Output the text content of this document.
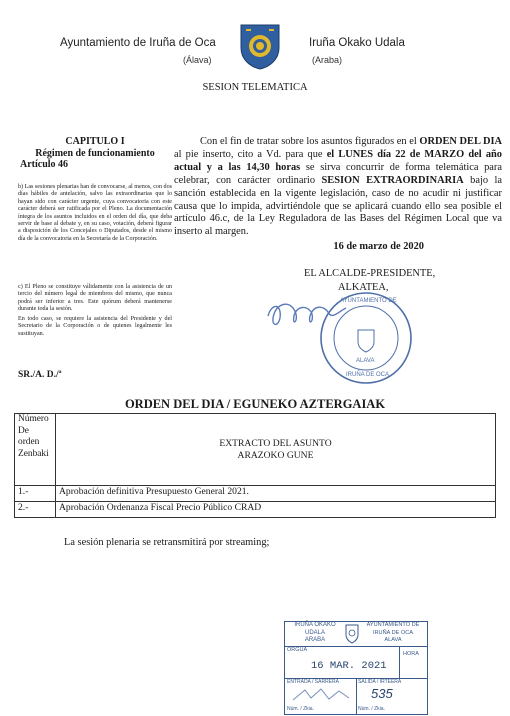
Ayuntamiento de Iruña de Oca
(Álava)
Iruña Okako Udala
(Araba)
SESION TELEMATICA
CAPITULO I
Régimen de funcionamiento
Artículo 46
b) Las sesiones plenarias han de convocarse, al menos, con dos días hábiles de antelación, salvo las extraordinarias que lo hayan sido con carácter urgente, cuya convocatoria con este carácter deberá ser ratificada por el Pleno. La documentación íntegra de los asuntos incluidos en el orden del día, que deba servir de base al debate y, en su caso, votación, deberá figurar a disposición de los Concejales o Diputados, desde el mismo día de la convocatoria en la Secretaría de la Corporación.
c) El Pleno se constituye válidamente con la asistencia de un tercio del número legal de miembros del mismo, que nunca podrá ser inferior a tres. Este quórum deberá mantenerse durante toda la sesión.
En todo caso, se requiere la asistencia del Presidente y del Secretario de la Corporación o de quienes legalmente les sustituyan.
SR./A. D./ª
Con el fin de tratar sobre los asuntos figurados en el ORDEN DEL DIA al pie inserto, cito a Vd. para que el LUNES día 22 de MARZO del año actual y a las 14,30 horas se sirva concurrir de forma telemática para celebrar, con carácter ordinario SESION EXTRAORDINARIA bajo la sanción establecida en la vigente legislación, caso de no acudir ni justificar causa que lo impida, advirtiéndole que se aplicará cuando ello sea posible el artículo 46.c, de la Ley Reguladora de las Bases del Régimen Local que va inserto al margen.
16 de marzo de 2020
EL ALCALDE-PRESIDENTE,
ALKATEA,
AYUNTAMIENTO DE
ALAVA
IRUÑA DE OCA
ORDEN DEL DIA / EGUNEKO AZTERGAIAK
Número De orden Zenbaki	EXTRACTO DEL ASUNTO
ARAZOKO GUNE

1.-	Aprobación definitiva Presupuesto General 2021.
2.-	Aprobación Ordenanza Fiscal Precio Público CRAD
La sesión plenaria se retransmitirá por streaming;
IRUÑA OKAKO
UDALA
ARABA
AYUNTAMIENTO DE
IRUÑA DE OCA
ALAVA
ORGUA
HORA
16 MAR. 2021
ENTRADA / SARRERA	SALIDA / IRTEERA
535
Núm. / Zkia.	Núm. / Zkia.
